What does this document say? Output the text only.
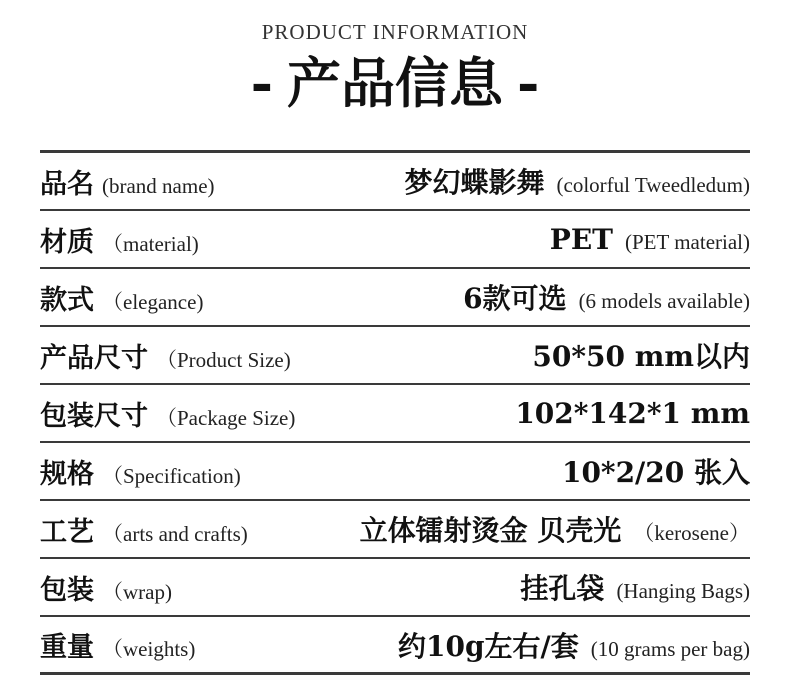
PRODUCT INFORMATION
- 产品信息 -
品名 (brand name)	梦幻蝶影舞 (colorful Tweedledum)
材质 （material)	PET (PET material)
款式 （elegance)	6款可选 (6 models available)
产品尺寸 （Product Size)	50*50 mm以内
包装尺寸 （Package Size)	102*142*1 mm
规格 （Specification)	10*2/20 张入
工艺 （arts and crafts)	立体镭射烫金 贝壳光 （kerosene）
包装 （wrap)	挂孔袋 (Hanging Bags)
重量 （weights)	约10g左右/套 (10 grams per bag)
